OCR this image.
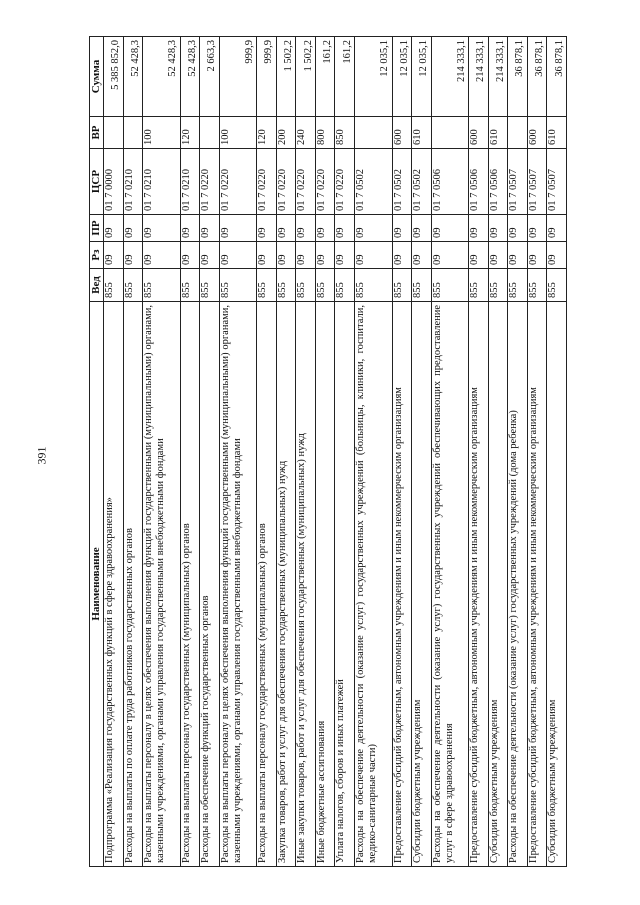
391
Наименование	Вед	Рз	ПР	ЦСР	ВР	Сумма
Подпрограмма «Реализация государственных функций в сфере здравоохранения»	855	09	09	01 7 0000		5 385 852,0
Расходы на выплаты по оплате труда работников государственных органов	855	09	09	01 7 0210		52 428,3
Расходы на выплаты персоналу в целях обеспечения выполнения функций государственными (муниципальными) органами, казенными учреждениями, органами управления государственными внебюджетными фондами	855	09	09	01 7 0210	100	52 428,3
Расходы на выплаты персоналу государственных (муниципальных) органов	855	09	09	01 7 0210	120	52 428,3
Расходы на обеспечение функций государственных органов	855	09	09	01 7 0220		2 663,3
Расходы на выплаты персоналу в целях обеспечения выполнения функций государственными (муниципальными) органами, казенными учреждениями, органами управления государственными внебюджетными фондами	855	09	09	01 7 0220	100	999,9
Расходы на выплаты персоналу государственных (муниципальных) органов	855	09	09	01 7 0220	120	999,9
Закупка товаров, работ и услуг для обеспечения государственных (муниципальных) нужд	855	09	09	01 7 0220	200	1 502,2
Иные закупки товаров, работ и услуг для обеспечения государственных (муниципальных) нужд	855	09	09	01 7 0220	240	1 502,2
Иные бюджетные ассигнования	855	09	09	01 7 0220	800	161,2
Уплата налогов, сборов и иных платежей	855	09	09	01 7 0220	850	161,2
Расходы на обеспечение деятельности (оказание услуг) государственных учреждений (больницы, клиники, госпитали, медико-санитарные части)	855	09	09	01 7 0502		12 035,1
Предоставление субсидий бюджетным, автономным учреждениям и иным некоммерческим организациям	855	09	09	01 7 0502	600	12 035,1
Субсидии бюджетным учреждениям	855	09	09	01 7 0502	610	12 035,1
Расходы на обеспечение деятельности (оказание услуг) государственных учреждений обеспечивающих предоставление услуг в сфере здравоохранения	855	09	09	01 7 0506		214 333,1
Предоставление субсидий бюджетным, автономным учреждениям и иным некоммерческим организациям	855	09	09	01 7 0506	600	214 333,1
Субсидии бюджетным учреждениям	855	09	09	01 7 0506	610	214 333,1
Расходы на обеспечение деятельности (оказание услуг) государственных учреждений (дома ребенка)	855	09	09	01 7 0507		36 878,1
Предоставление субсидий бюджетным, автономным учреждениям и иным некоммерческим организациям	855	09	09	01 7 0507	600	36 878,1
Субсидии бюджетным учреждениям	855	09	09	01 7 0507	610	36 878,1
